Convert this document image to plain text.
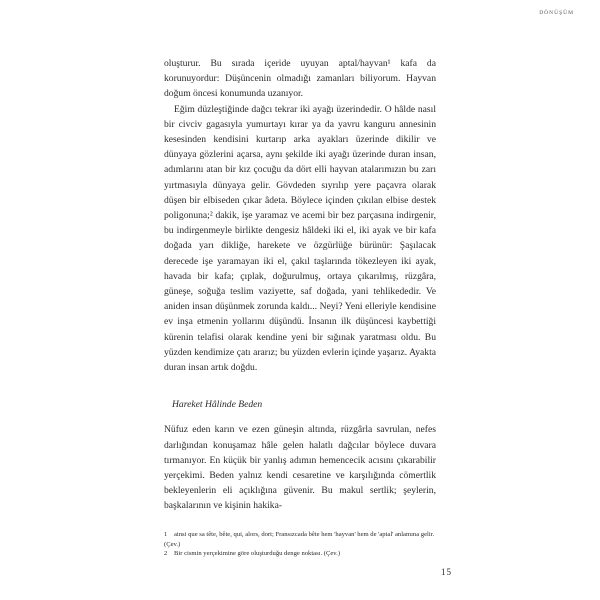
DÖNÜŞÜM

oluşturur. Bu sırada içeride uyuyan aptal/hayvan¹ kafa da korunuyordur: Düşüncenin olmadığı zamanları biliyorum. Hayvan doğum öncesi konumunda uzanıyor.

Eğim düzleştiğinde dağcı tekrar iki ayağı üzerindedir. O hâlde nasıl bir civciv gagasıyla yumurtayı kırar ya da yavru kanguru annesinin kesesinden kendisini kurtarıp arka ayakları üzerinde dikilir ve dünyaya gözlerini açarsa, aynı şekilde iki ayağı üzerinde duran insan, adımlarını atan bir kız çocuğu da dört elli hayvan atalarımızın bu zarı yırtmasıyla dünyaya gelir. Gövdeden sıyrılıp yere paçavra olarak düşen bir elbiseden çıkar âdeta. Böylece içinden çıkılan elbise destek poligonuna;² dakik, işe yaramaz ve acemi bir bez parçasına indirgenir, bu indirgenmeyle birlikte dengesiz hâldeki iki el, iki ayak ve bir kafa doğada yarı dikliğe, harekete ve özgürlüğe bürünür: Şaşılacak derecede işe yaramayan iki el, çakıl taşlarında tökezleyen iki ayak, havada bir kafa; çıplak, doğurulmuş, ortaya çıkarılmış, rüzgâra, güneşe, soğuğa teslim vaziyette, saf doğada, yani tehlikededir. Ve aniden insan düşünmek zorunda kaldı... Neyi? Yeni elleriyle kendisine ev inşa etmenin yollarını düşündü. İnsanın ilk düşüncesi kaybettiği kürenin telafisi olarak kendine yeni bir sığınak yaratması oldu. Bu yüzden kendimize çatı ararız; bu yüzden evlerin içinde yaşarız. Ayakta duran insan artık doğdu.

Hareket Hâlinde Beden

Nüfuz eden karın ve ezen güneşin altında, rüzgârla savrulan, nefes darlığından konuşamaz hâle gelen halatlı dağcılar böylece duvara tırmanıyor. En küçük bir yanlış adımın hemencecik acısını çıkarabilir yerçekimi. Beden yalnız kendi cesaretine ve karşılığında cömertlik bekleyenlerin eli açıklığına güvenir. Bu makul sertlik; şeylerin, başkalarının ve kişinin hakika-

1 ainsi que sa tête, bête, qui, alors, dort; Fransızcada bête hem 'hayvan' hem de 'aptal' anlamına gelir. (Çev.)

2 Bir cismin yerçekimine göre oluşturduğu denge noktası. (Çev.)

15
